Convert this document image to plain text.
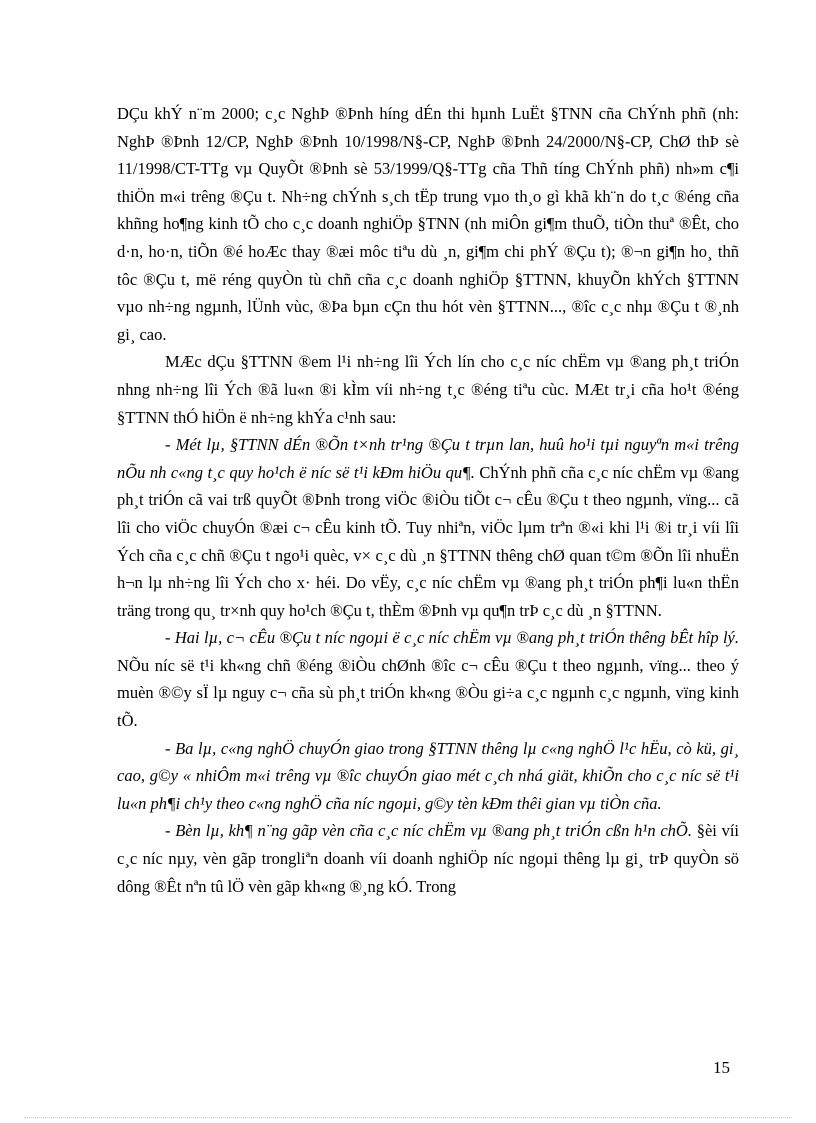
DÇu khÝ n¨m 2000; c¸c NghÞ ®Þnh híng dÉn thi hµnh LuËt §TNN cña ChÝnh phñ (nh: NghÞ ®Þnh 12/CP, NghÞ ®Þnh 10/1998/N§-CP, NghÞ ®Þnh 24/2000/N§-CP, ChØ thÞ sè 11/1998/CT-TTg vµ QuyÕt ®Þnh sè 53/1999/Q§-TTg cña Thñ tíng ChÝnh phñ) nh»m c¶i thiÖn m«i trêng ®Çu t. Nh÷ng chÝnh s¸ch tËp trung vµo th¸o gì khã kh¨n do t¸c ®éng cña khñng ho¶ng kinh tÕ cho c¸c doanh nghiÖp §TNN (nh miÔn gi¶m thuÕ, tiÒn thuª ®Êt, cho d·n, ho·n, tiÕn ®é hoÆc thay ®æi môc tiªu dù ¸n, gi¶m chi phÝ ®Çu t); ®¬n gi¶n ho¸ thñ tôc ®Çu t, më réng quyÒn tù chñ cña c¸c doanh nghiÖp §TTNN, khuyÕn khÝch §TTNN vµo nh÷ng ngµnh, lÜnh vùc, ®Þa bµn cÇn thu hót vèn §TTNN..., ®îc c¸c nhµ ®Çu t ®¸nh gi¸ cao.

MÆc dÇu §TTNN ®em l¹i nh÷ng lîi Ých lín cho c¸c níc chËm vµ ®ang ph¸t triÓn nhng nh÷ng lîi Ých ®ã lu«n ®i kÌm víi nh÷ng t¸c ®éng tiªu cùc. MÆt tr¸i cña ho¹t ®éng §TTNN thÓ hiÖn ë nh÷ng khÝa c¹nh sau:

- Mét lµ, §TTNN dÉn ®Õn t×nh tr¹ng ®Çu t trµn lan, huû ho¹i tµi nguyªn m«i trêng nÕu nh c«ng t¸c quy ho¹ch ë níc së t¹i kÐm hiÖu qu¶. ChÝnh phñ cña c¸c níc chËm vµ ®ang ph¸t triÓn cã vai trß quyÕt ®Þnh trong viÖc ®iÒu tiÕt c¬ cÊu ®Çu t theo ngµnh, vïng... cã lîi cho viÖc chuyÓn ®æi c¬ cÊu kinh tÕ. Tuy nhiªn, viÖc lµm trªn ®«i khi l¹i ®i tr¸i víi lîi Ých cña c¸c chñ ®Çu t ngo¹i quèc, v× c¸c dù ¸n §TTNN thêng chØ quan t©m ®Õn lîi nhuËn h¬n lµ nh÷ng lîi Ých cho x· héi. Do vËy, c¸c níc chËm vµ ®ang ph¸t triÓn ph¶i lu«n thËn träng trong qu¸ tr×nh quy ho¹ch ®Çu t, thÈm ®Þnh vµ qu¶n trÞ c¸c dù ¸n §TTNN.

- Hai lµ, c¬ cÊu ®Çu t níc ngoµi ë c¸c níc chËm vµ ®ang ph¸t triÓn thêng bÊt hîp lý. NÕu níc së t¹i kh«ng chñ ®éng ®iÒu chØnh ®îc c¬ cÊu ®Çu t theo ngµnh, vïng... theo ý muèn ®©y sÏ lµ nguy c¬ cña sù ph¸t triÓn kh«ng ®Òu gi÷a c¸c ngµnh c¸c ngµnh, vïng kinh tÕ.

- Ba lµ, c«ng nghÖ chuyÓn giao trong §TTNN thêng lµ c«ng nghÖ l¹c hËu, cò kü, gi¸ cao, g©y « nhiÔm m«i trêng vµ ®îc chuyÓn giao mét c¸ch nhá giät, khiÕn cho c¸c níc së t¹i lu«n ph¶i ch¹y theo c«ng nghÖ cña níc ngoµi, g©y tèn kÐm thêi gian vµ tiÒn cña.

- Bèn lµ, kh¶ n¨ng gãp vèn cña c¸c níc chËm vµ ®ang ph¸t triÓn cßn h¹n chÕ. §èi víi c¸c níc nµy, vèn gãp trongliªn doanh víi doanh nghiÖp níc ngoµi thêng lµ gi¸ trÞ quyÒn sö dông ®Êt nªn tû lÖ vèn gãp kh«ng ®¸ng kÓ. Trong

15
